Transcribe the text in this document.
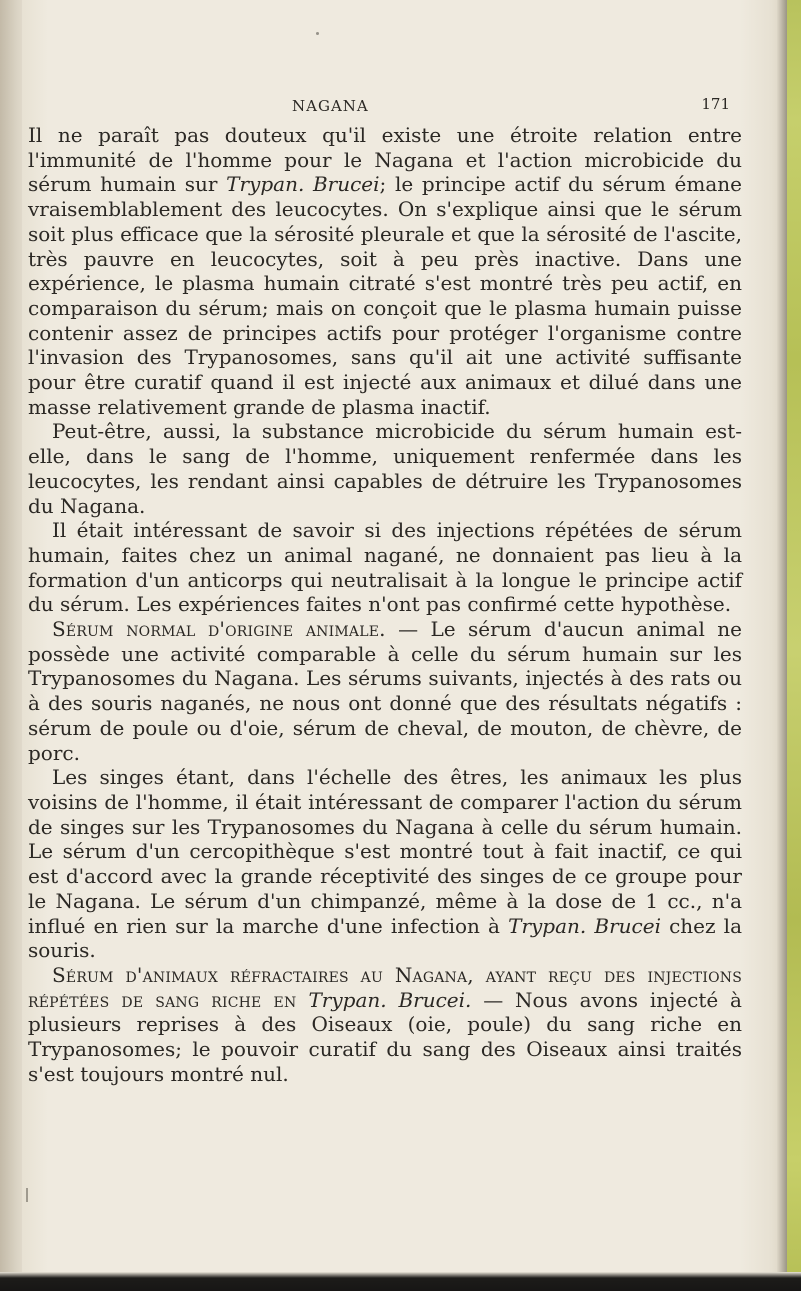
NAGANA	171

Il ne paraît pas douteux qu'il existe une étroite relation entre l'immunité de l'homme pour le Nagana et l'action microbicide du sérum humain sur Trypan. Brucei; le principe actif du sérum émane vraisemblablement des leucocytes. On s'explique ainsi que le sérum soit plus efficace que la sérosité pleurale et que la sérosité de l'ascite, très pauvre en leucocytes, soit à peu près inactive. Dans une expérience, le plasma humain citraté s'est montré très peu actif, en comparaison du sérum; mais on conçoit que le plasma humain puisse contenir assez de principes actifs pour protéger l'organisme contre l'invasion des Trypanosomes, sans qu'il ait une activité suffisante pour être curatif quand il est injecté aux animaux et dilué dans une masse relativement grande de plasma inactif.

Peut-être, aussi, la substance microbicide du sérum humain est-elle, dans le sang de l'homme, uniquement renfermée dans les leucocytes, les rendant ainsi capables de détruire les Trypanosomes du Nagana.

Il était intéressant de savoir si des injections répétées de sérum humain, faites chez un animal nagané, ne donnaient pas lieu à la formation d'un anticorps qui neutralisait à la longue le principe actif du sérum. Les expériences faites n'ont pas confirmé cette hypothèse.

Sérum normal d'origine animale. — Le sérum d'aucun animal ne possède une activité comparable à celle du sérum humain sur les Trypanosomes du Nagana. Les sérums suivants, injectés à des rats ou à des souris naganés, ne nous ont donné que des résultats négatifs : sérum de poule ou d'oie, sérum de cheval, de mouton, de chèvre, de porc.

Les singes étant, dans l'échelle des êtres, les animaux les plus voisins de l'homme, il était intéressant de comparer l'action du sérum de singes sur les Trypanosomes du Nagana à celle du sérum humain. Le sérum d'un cercopithèque s'est montré tout à fait inactif, ce qui est d'accord avec la grande réceptivité des singes de ce groupe pour le Nagana. Le sérum d'un chimpanzé, même à la dose de 1 cc., n'a influé en rien sur la marche d'une infection à Trypan. Brucei chez la souris.

Sérum d'animaux réfractaires au Nagana, ayant reçu des injections répétées de sang riche en Trypan. Brucei. — Nous avons injecté à plusieurs reprises à des Oiseaux (oie, poule) du sang riche en Trypanosomes; le pouvoir curatif du sang des Oiseaux ainsi traités s'est toujours montré nul.
